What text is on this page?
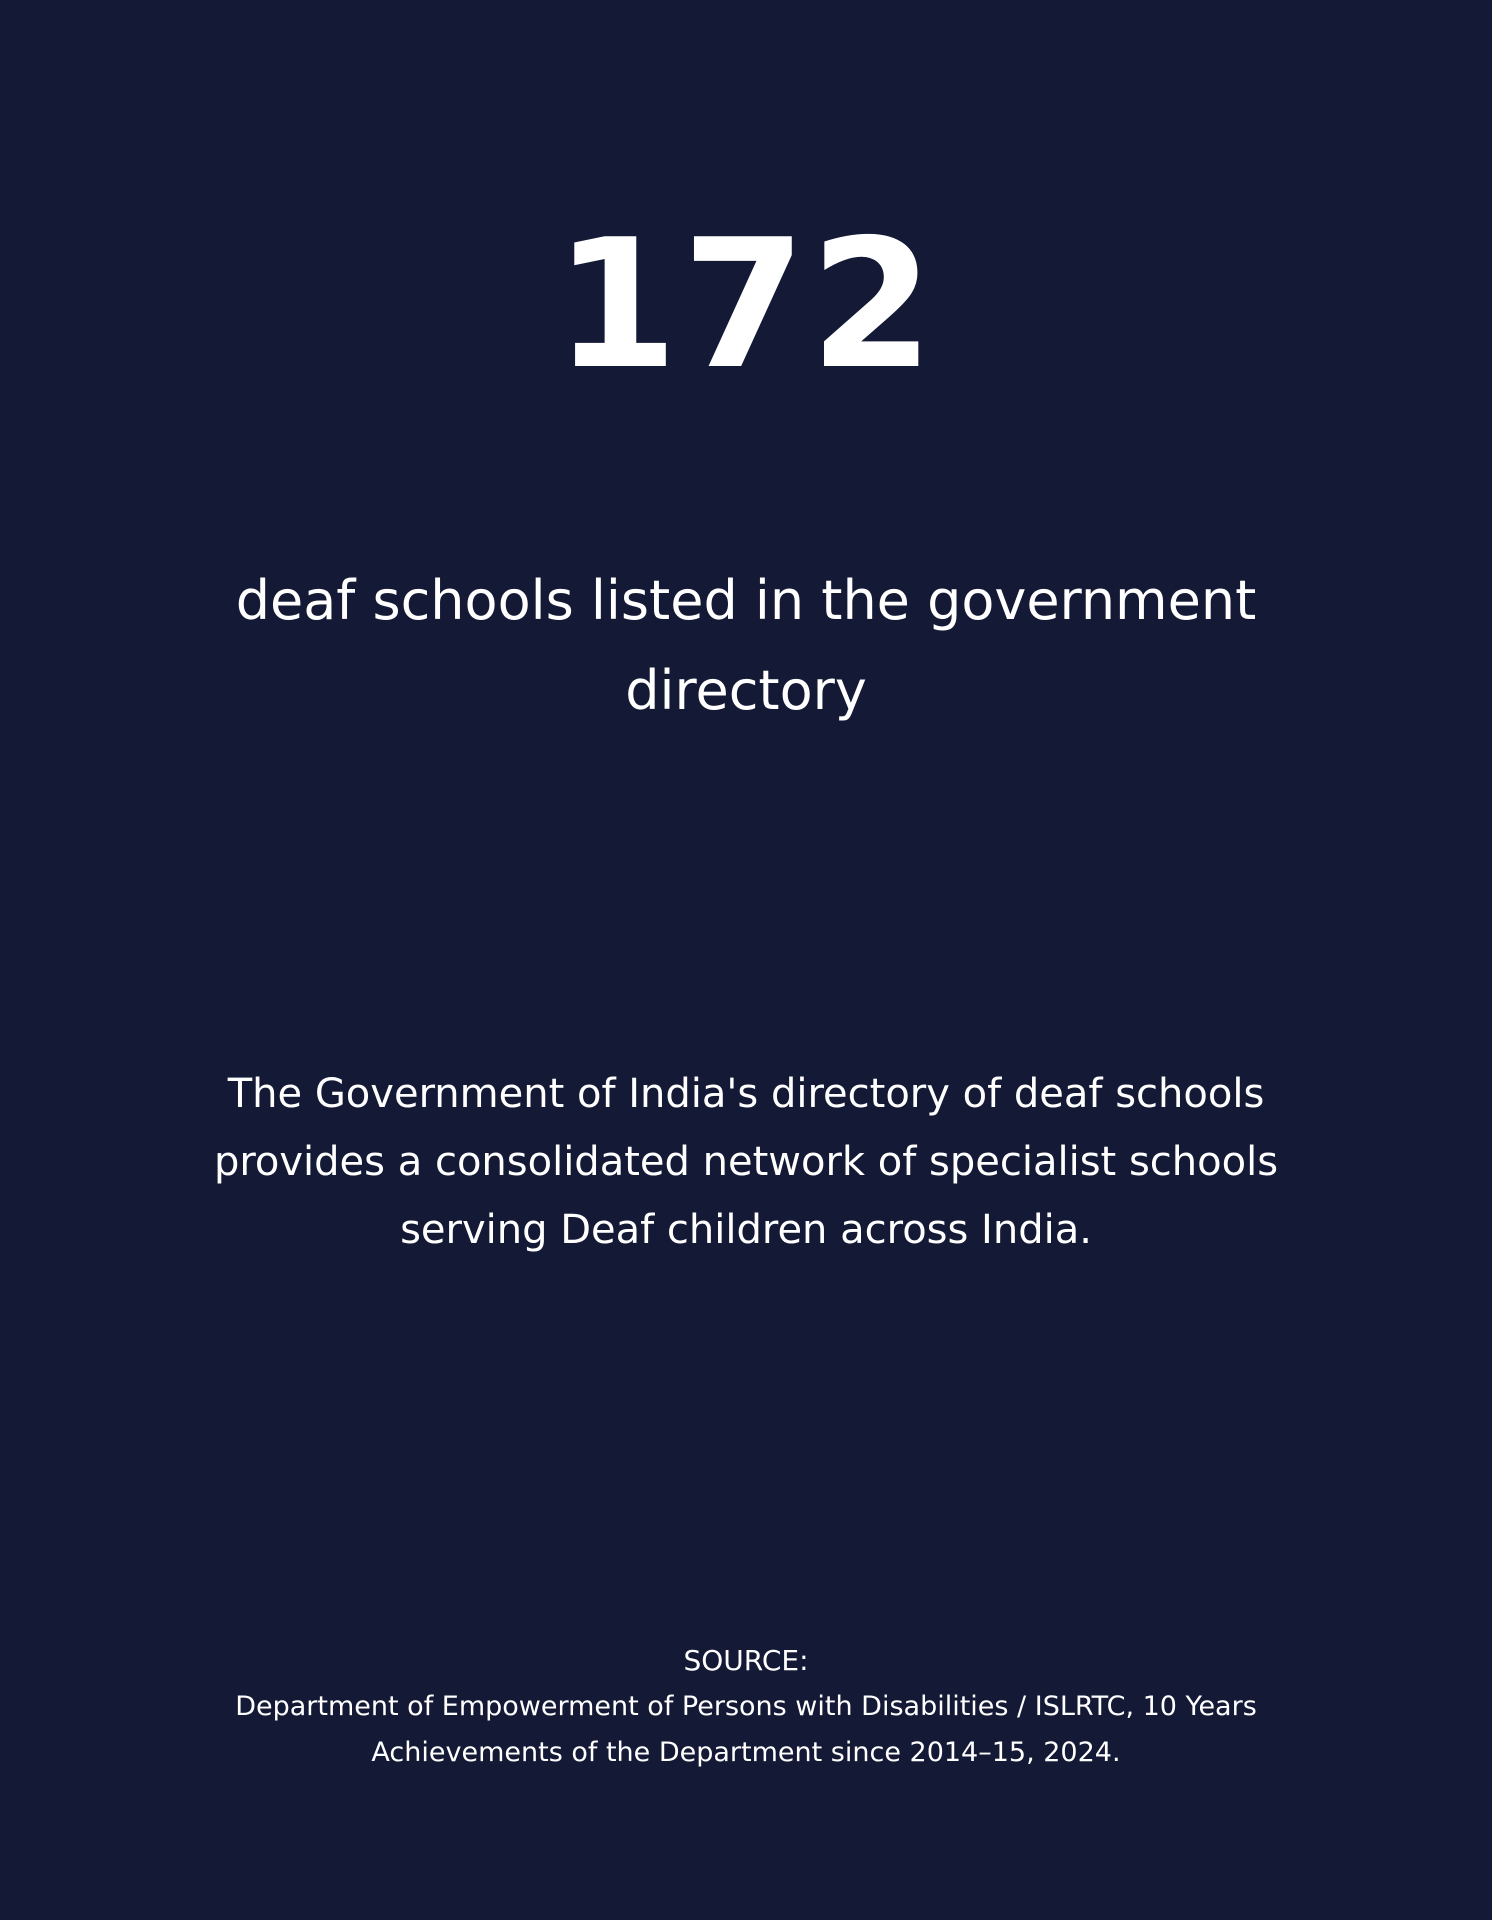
172
deaf schools listed in the government directory
The Government of India's directory of deaf schools provides a consolidated network of specialist schools serving Deaf children across India.
SOURCE:
Department of Empowerment of Persons with Disabilities / ISLRTC, 10 Years Achievements of the Department since 2014–15, 2024.
